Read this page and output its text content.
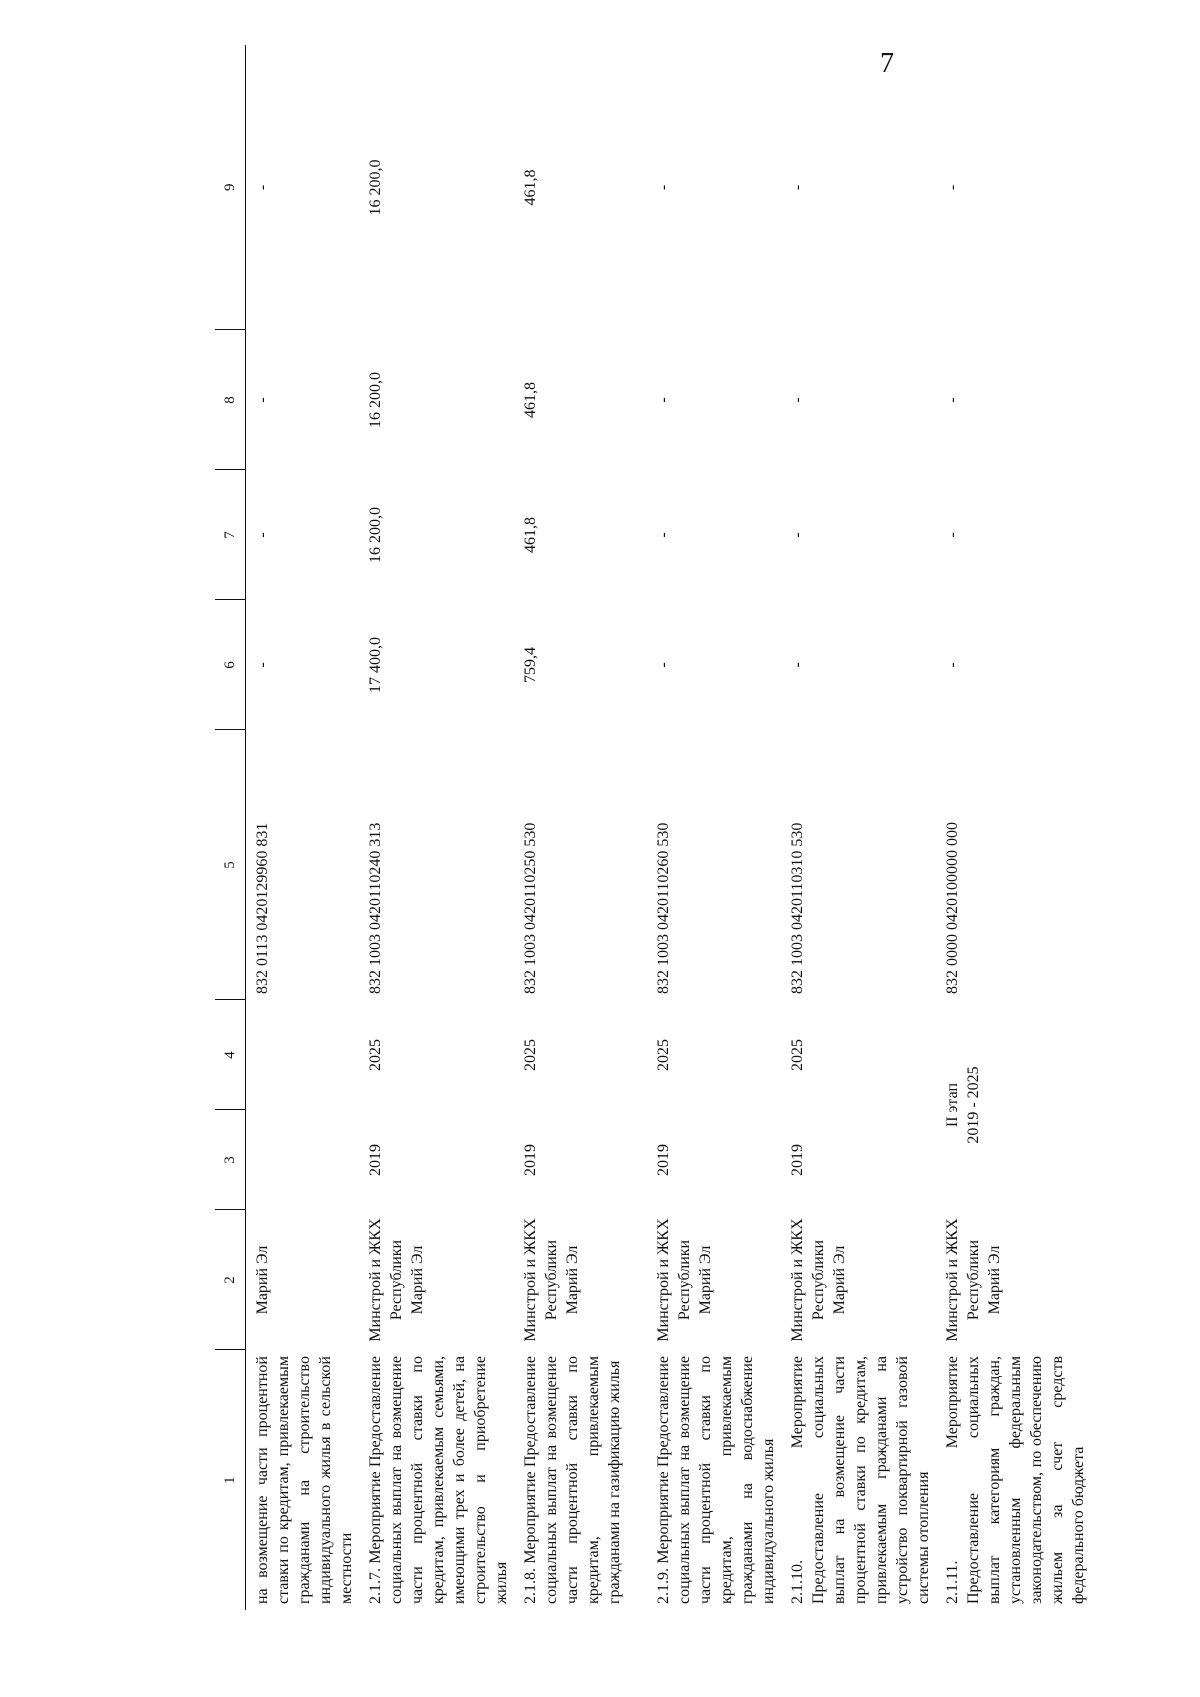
7
1	2	3	4	5	6	7	8	9
на возмещение части процентной ставки по кредитам, привлекаемым гражданами на строительство индивидуального жилья в сельской местности	Марий Эл			832 0113 0420129960 831	-	-	-	-
2.1.7. Мероприятие Предоставление социальных выплат на возмещение части процентной ставки по кредитам, привлекаемым семьями, имеющими трех и более детей, на строительство и приобретение жилья	Минстрой и ЖКХ Республики Марий Эл	2019	2025	832 1003 0420110240 313	17 400,0	16 200,0	16 200,0	16 200,0
2.1.8. Мероприятие Предоставление социальных выплат на возмещение части процентной ставки по кредитам, привлекаемым гражданами на газификацию жилья	Минстрой и ЖКХ Республики Марий Эл	2019	2025	832 1003 0420110250 530	759,4	461,8	461,8	461,8
2.1.9. Мероприятие Предоставление социальных выплат на возмещение части процентной ставки по кредитам, привлекаемым гражданами на водоснабжение индивидуального жилья	Минстрой и ЖКХ Республики Марий Эл	2019	2025	832 1003 0420110260 530	-	-	-	-
2.1.10. Мероприятие Предоставление социальных выплат на возмещение части процентной ставки по кредитам, привлекаемым гражданами на устройство поквартирной газовой системы отопления	Минстрой и ЖКХ Республики Марий Эл	2019	2025	832 1003 0420110310 530	-	-	-	-
2.1.11. Мероприятие Предоставление социальных выплат категориям граждан, установленным федеральным законодательством, по обеспечению жильем за счет средств федерального бюджета	Минстрой и ЖКХ Республики Марий Эл	II этап 2019 - 2025		832 0000 0420100000 000	-	-	-	-
